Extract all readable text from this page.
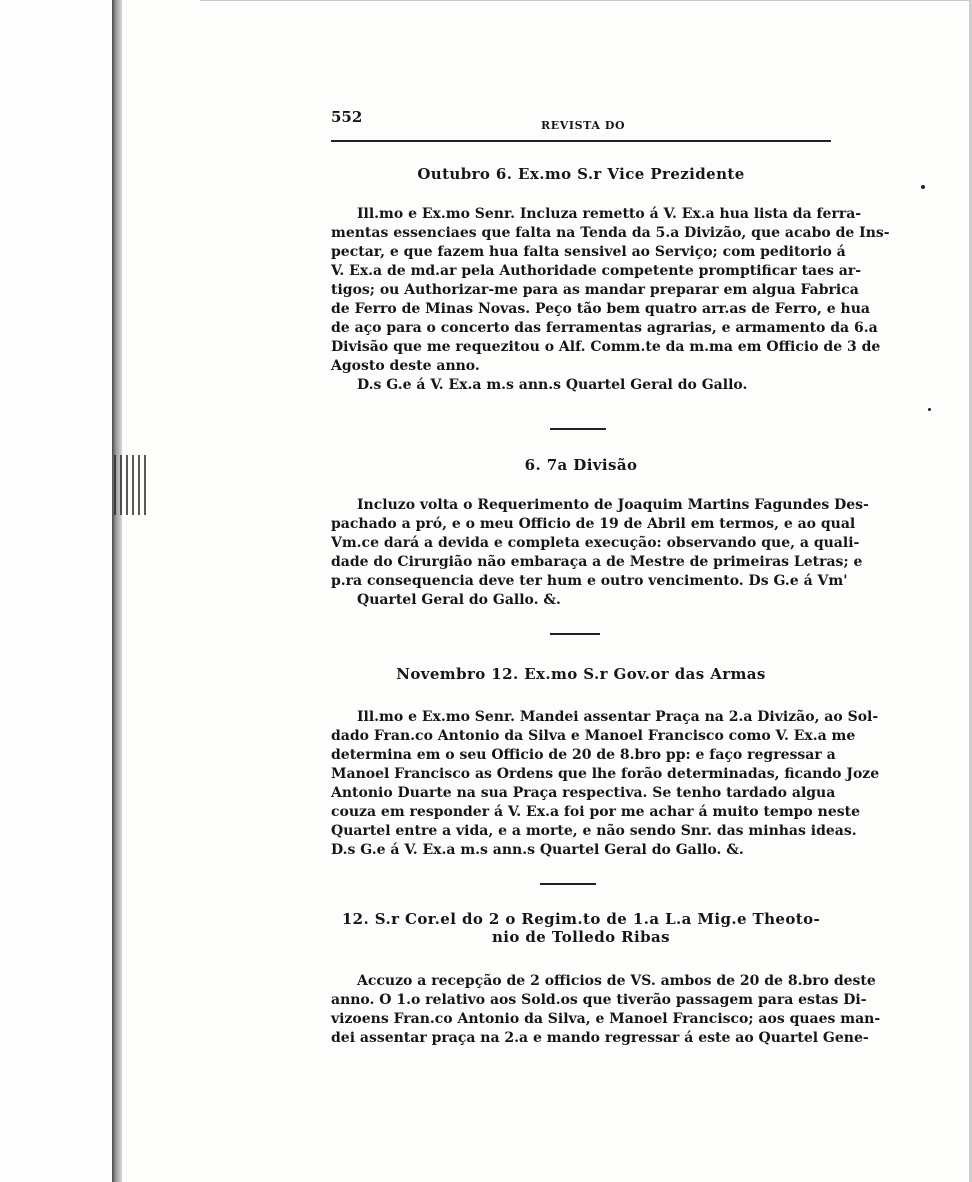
552	REVISTA DO
Outubro 6. Ex.mo S.r Vice Prezidente
Ill.mo e Ex.mo Senr. Incluza remetto á V. Ex.a hua lista da ferra-
mentas essenciaes que falta na Tenda da 5.a Divizão, que acabo de Ins-
pectar, e que fazem hua falta sensivel ao Serviço; com peditorio á
V. Ex.a de md.ar pela Authoridade competente promptificar taes ar-
tigos; ou Authorizar-me para as mandar preparar em algua Fabrica
de Ferro de Minas Novas. Peço tão bem quatro arr.as de Ferro, e hua
de aço para o concerto das ferramentas agrarias, e armamento da 6.a
Divisão que me requezitou o Alf. Comm.te da m.ma em Officio de 3 de
Agosto deste anno.
D.s G.e á V. Ex.a m.s ann.s Quartel Geral do Gallo.
6. 7a Divisão
Incluzo volta o Requerimento de Joaquim Martins Fagundes Des-
pachado a pró, e o meu Officio de 19 de Abril em termos, e ao qual
Vm.ce dará a devida e completa execução: observando que, a quali-
dade do Cirurgião não embaraça a de Mestre de primeiras Letras; e
p.ra consequencia deve ter hum e outro vencimento. Ds G.e á Vm'
Quartel Geral do Gallo. &.
Novembro 12. Ex.mo S.r Gov.or das Armas
Ill.mo e Ex.mo Senr. Mandei assentar Praça na 2.a Divizão, ao Sol-
dado Fran.co Antonio da Silva e Manoel Francisco como V. Ex.a me
determina em o seu Officio de 20 de 8.bro pp: e faço regressar a
Manoel Francisco as Ordens que lhe forão determinadas, ficando Joze
Antonio Duarte na sua Praça respectiva. Se tenho tardado algua
couza em responder á V. Ex.a foi por me achar á muito tempo neste
Quartel entre a vida, e a morte, e não sendo Snr. das minhas ideas.
D.s G.e á V. Ex.a m.s ann.s Quartel Geral do Gallo. &.
12. S.r Cor.el do 2 o Regim.to de 1.a L.a Mig.e Theoto-
nio de Tolledo Ribas
Accuzo a recepção de 2 officios de VS. ambos de 20 de 8.bro deste
anno. O 1.o relativo aos Sold.os que tiverão passagem para estas Di-
vizoens Fran.co Antonio da Silva, e Manoel Francisco; aos quaes man-
dei assentar praça na 2.a e mando regressar á este ao Quartel Gene-
